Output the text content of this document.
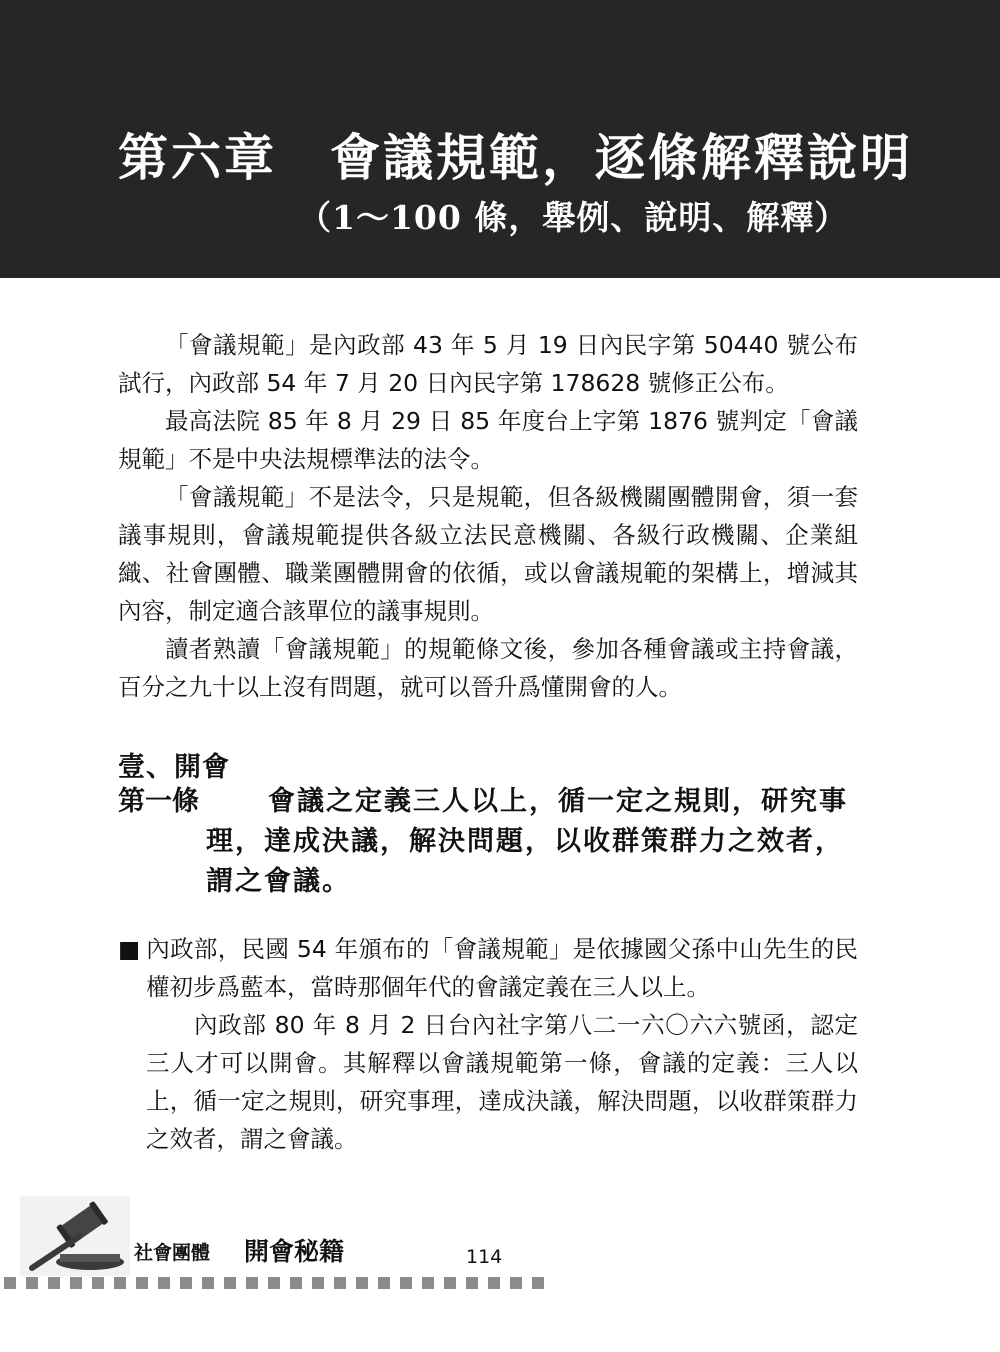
第六章　會議規範，逐條解釋說明
（1～100 條，舉例、說明、解釋）

「會議規範」是內政部 43 年 5 月 19 日內民字第 50440 號公布試行，內政部 54 年 7 月 20 日內民字第 178628 號修正公布。

最高法院 85 年 8 月 29 日 85 年度台上字第 1876 號判定「會議規範」不是中央法規標準法的法令。

「會議規範」不是法令，只是規範，但各級機關團體開會，須一套議事規則，會議規範提供各級立法民意機關、各級行政機關、企業組織、社會團體、職業團體開會的依循，或以會議規範的架構上，增減其內容，制定適合該單位的議事規則。

讀者熟讀「會議規範」的規範條文後，參加各種會議或主持會議，百分之九十以上沒有問題，就可以晉升爲懂開會的人。

壹、開會
第一條	會議之定義三人以上，循一定之規則，研究事理，達成決議，解決問題，以收群策群力之效者，謂之會議。

■ 內政部，民國 54 年頒布的「會議規範」是依據國父孫中山先生的民權初步爲藍本，當時那個年代的會議定義在三人以上。

內政部 80 年 8 月 2 日台內社字第八二一六〇六六號函，認定三人才可以開會。其解釋以會議規範第一條，會議的定義：三人以上，循一定之規則，研究事理，達成決議，解決問題，以收群策群力之效者，謂之會議。

社會團體 開會秘籍	114
